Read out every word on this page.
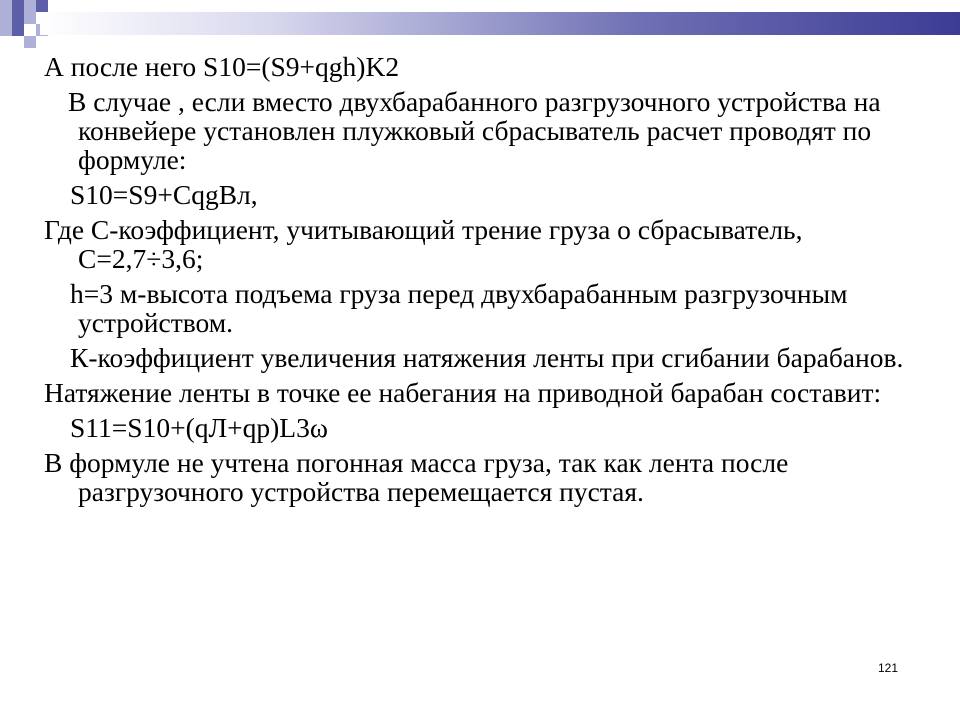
А после него S10=(S9+qgh)K2

В случае , если вместо двухбарабанного разгрузочного устройства на конвейере установлен плужковый сбрасыватель расчет проводят по формуле:

S10=S9+CqgBл,

Где С-коэффициент, учитывающий трение груза о сбрасыватель, С=2,7÷3,6;

h=3 м-высота подъема груза перед двухбарабанным разгрузочным устройством.

К-коэффициент увеличения натяжения ленты при сгибании барабанов.

Натяжение ленты в точке ее набегания на приводной барабан составит:

S11=S10+(qЛ+qp)L3ω

В формуле не учтена погонная масса груза, так как лента после разгрузочного устройства перемещается пустая.

121
